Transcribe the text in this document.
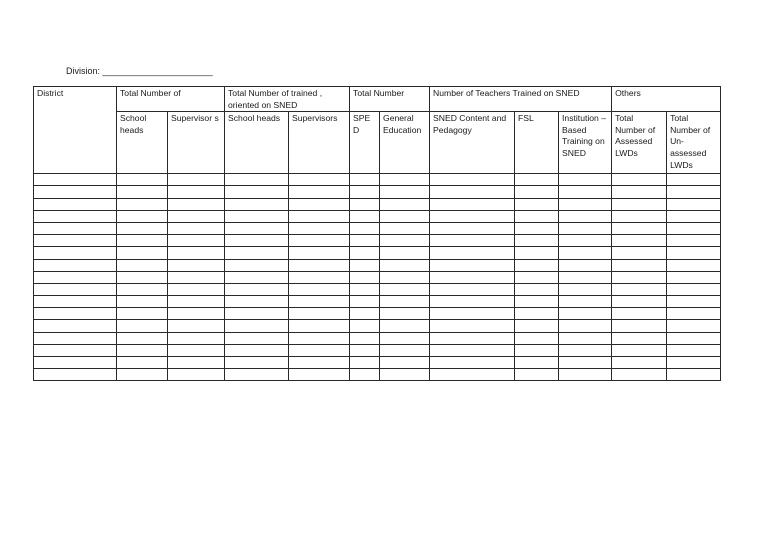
Division: ______________________
District	Total Number of		Total Number of trained , oriented on SNED		Total Number		Number of Teachers Trained on SNED			Others	
	School heads	Supervisor s	School heads	Supervisors	SPED	General Education	SNED Content and Pedagogy	FSL	Institution – Based Training on SNED	Total Number of Assessed LWDs	Total Number of Un-assessed LWDs
